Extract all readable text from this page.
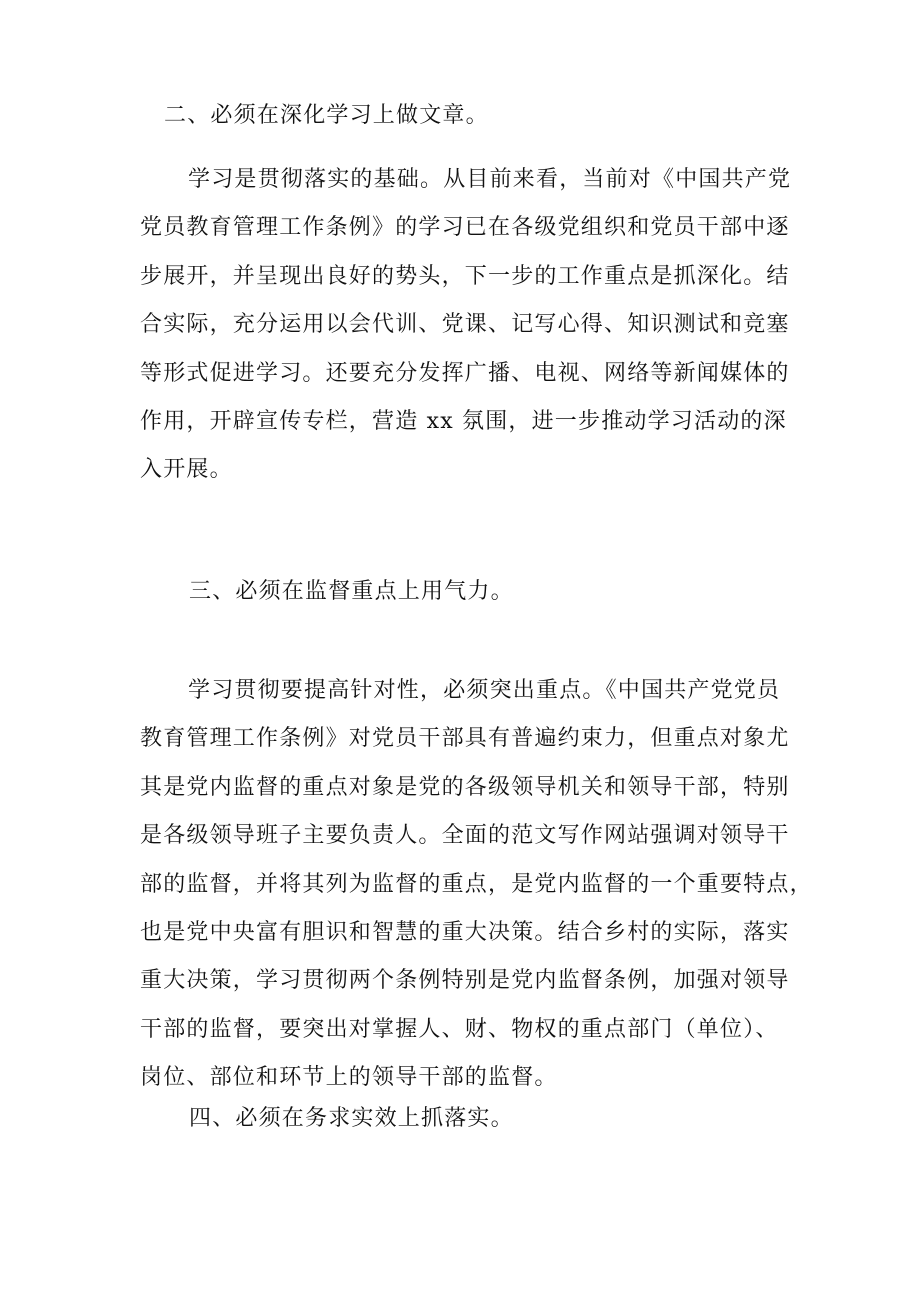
二、必须在深化学习上做文章。
学习是贯彻落实的基础。从目前来看，当前对《中国共产党
党员教育管理工作条例》的学习已在各级党组织和党员干部中逐
步展开，并呈现出良好的势头，下一步的工作重点是抓深化。结
合实际，充分运用以会代训、党课、记写心得、知识测试和竞塞
等形式促进学习。还要充分发挥广播、电视、网络等新闻媒体的
作用，开辟宣传专栏，营造 xx 氛围，进一步推动学习活动的深
入开展。
三、必须在监督重点上用气力。
学习贯彻要提高针对性，必须突出重点。《中国共产党党员
教育管理工作条例》对党员干部具有普遍约束力，但重点对象尤
其是党内监督的重点对象是党的各级领导机关和领导干部，特别
是各级领导班子主要负责人。全面的范文写作网站强调对领导干
部的监督，并将其列为监督的重点，是党内监督的一个重要特点，
也是党中央富有胆识和智慧的重大决策。结合乡村的实际，落实
重大决策，学习贯彻两个条例特别是党内监督条例，加强对领导
干部的监督，要突出对掌握人、财、物权的重点部门（单位）、
岗位、部位和环节上的领导干部的监督。
四、必须在务求实效上抓落实。
